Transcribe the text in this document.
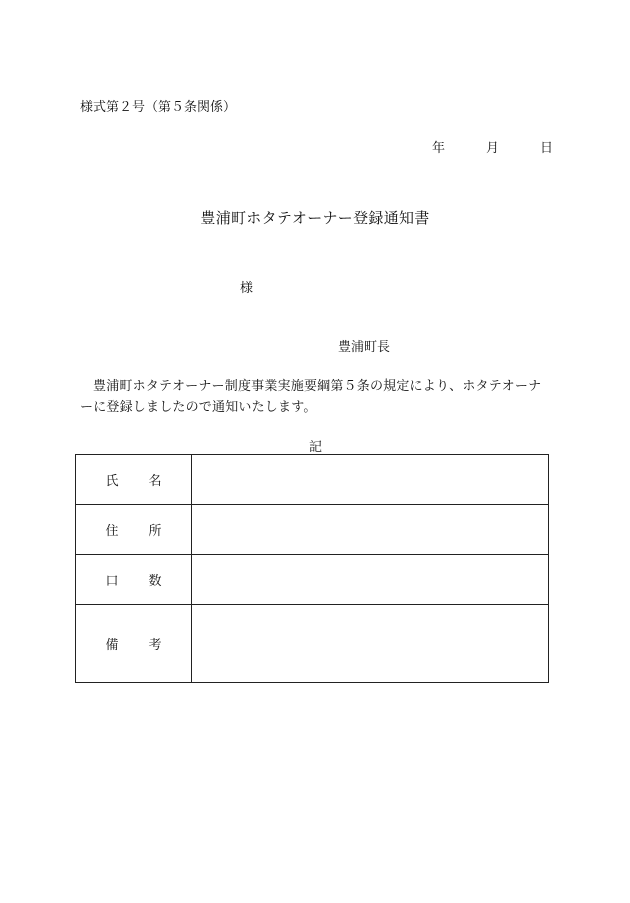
様式第２号（第５条関係）
年	月	日
豊浦町ホタテオーナー登録通知書
様
豊浦町長
豊浦町ホタテオーナー制度事業実施要綱第５条の規定により、ホタテオーナーに登録しましたので通知いたします。
記
氏 名	
住 所	
口 数	
備 考	
